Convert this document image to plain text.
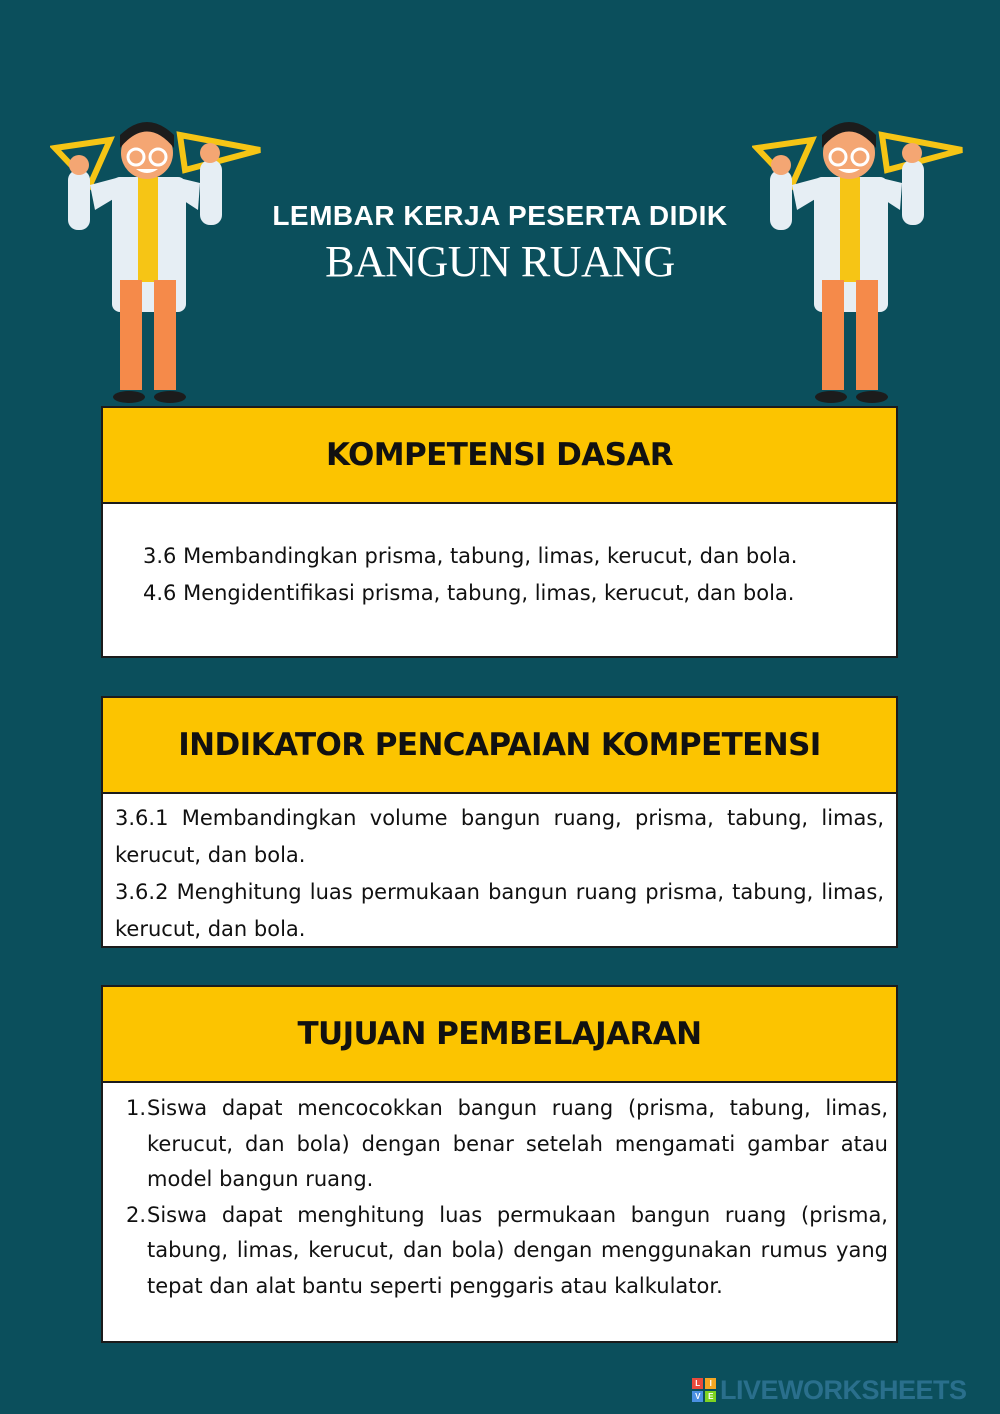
LEMBAR KERJA PESERTA DIDIK
BANGUN RUANG
KOMPETENSI DASAR
3.6 Membandingkan prisma, tabung, limas, kerucut, dan bola.
4.6 Mengidentifikasi prisma, tabung, limas, kerucut, dan bola.
INDIKATOR PENCAPAIAN KOMPETENSI

3.6.1 Membandingkan volume bangun ruang, prisma, tabung, limas, kerucut, dan bola.

3.6.2 Menghitung luas permukaan bangun ruang prisma, tabung, limas, kerucut, dan bola.

TUJUAN PEMBELAJARAN
1. Siswa dapat mencocokkan bangun ruang (prisma, tabung, limas, kerucut, dan bola) dengan benar setelah mengamati gambar atau model bangun ruang.
2. Siswa dapat menghitung luas permukaan bangun ruang (prisma, tabung, limas, kerucut, dan bola) dengan menggunakan rumus yang tepat dan alat bantu seperti penggaris atau kalkulator.
L	I
V	E LIVEWORKSHEETS
